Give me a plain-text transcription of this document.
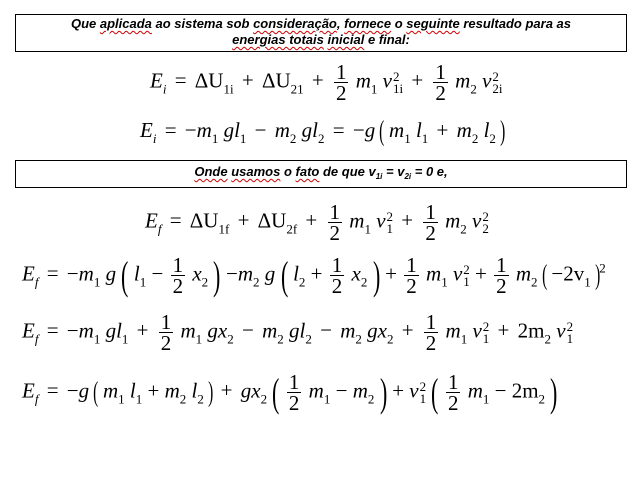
Que aplicada ao sistema sob consideração, fornece o seguinte resultado para as
energias totais inicial e final:
$E_i = \Delta U_{1i} + \Delta U_{21} + \frac{1}{2} m_1$ v 2
$1i + \frac{1}{2} m_2$ v 2
2i
$E_i = -m_1$ $gl_1 - m_2$ $gl_2 = -g$ ( $m_1$ $l_1 + m_2$ $l_2$ )
Onde usamos o fato de que $v_{1i} = v_{2i} = 0$ e,
$E_f = \Delta U_{1f} + \Delta U_{2f} + \frac{1}{2} m_1$ v 2
$1 + \frac{1}{2} m_2$ v 2
2
$E_f = -m_1$ g ( $l_1 - \frac{1}{2} x_2$ ) $-m_2$ g ( $l_2 + \frac{1}{2} x_2$ ) + $\frac{1}{2} m_1$ v 2
$1 + \frac{1}{2} m_2$ ( $-2v_1$ )$^2$
$E_f = -m_1$ $gl_1 + \frac{1}{2} m_1$ $gx_2 - m_2$ $gl_2 - m_2$ $gx_2 + \frac{1}{2} m_1$ v 2
$1 + 2m_2$ v 2
1
$E_f = -g$ ( $m_1$ $l_1 + m_2$ $l_2$ ) + $gx_2$ ( $\frac{1}{2} m_1 - m_2$ ) + v 2
1 ( $\frac{1}{2} m_1 - 2m_2$ )
